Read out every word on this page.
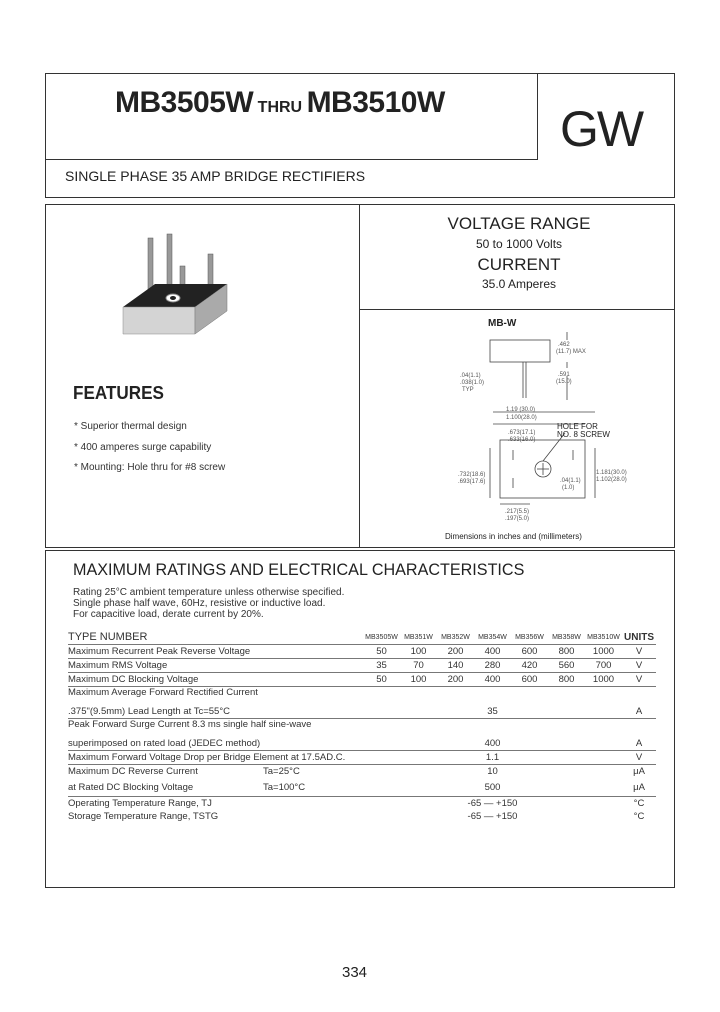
MB3505W THRU MB3510W GW
SINGLE PHASE 35 AMP BRIDGE RECTIFIERS
FEATURES
* Superior thermal design
* 400 amperes surge capability
* Mounting: Hole thru for #8 screw
VOLTAGE RANGE
50 to 1000 Volts
CURRENT
35.0 Amperes
MB-W
.462
(11.7) MAX
.04(1.1)
.038(1.0)
TYP
.591
(15.0)
1.19 (30.0)
1.100(28.0)
HOLE FOR
NO. 8 SCREW
.673(17.1)
.633(16.0)
.732(18.6)
.693(17.6)
1.181(30.0)
1.102(28.0)
.04(1.1)
(1.0)
.217(5.5)
.197(5.0)
Dimensions in inches and (millimeters)
MAXIMUM RATINGS AND ELECTRICAL CHARACTERISTICS
Rating 25°C ambient temperature unless otherwise specified.
Single phase half wave, 60Hz, resistive or inductive load.
For capacitive load, derate current by 20%.
TYPE NUMBER	MB3505W	MB351W	MB352W	MB354W	MB356W	MB358W	MB3510W	UNITS
Maximum Recurrent Peak Reverse Voltage	50	100	200	400	600	800	1000	V
Maximum RMS Voltage	35	70	140	280	420	560	700	V
Maximum DC Blocking Voltage	50	100	200	400	600	800	1000	V
Maximum Average Forward Rectified Current								
.375"(9.5mm) Lead Length at Tc=55°C	35							A
Peak Forward Surge Current 8.3 ms single half sine-wave								
superimposed on rated load (JEDEC method)	400							A
Maximum Forward Voltage Drop per Bridge Element at 17.5AD.C.	1.1							V
Maximum DC Reverse Current Ta=25°C	10							μA
at Rated DC Blocking Voltage Ta=100°C	500							μA
Operating Temperature Range, TJ	-65 — +150							°C
Storage Temperature Range, TSTG	-65 — +150							°C
334
